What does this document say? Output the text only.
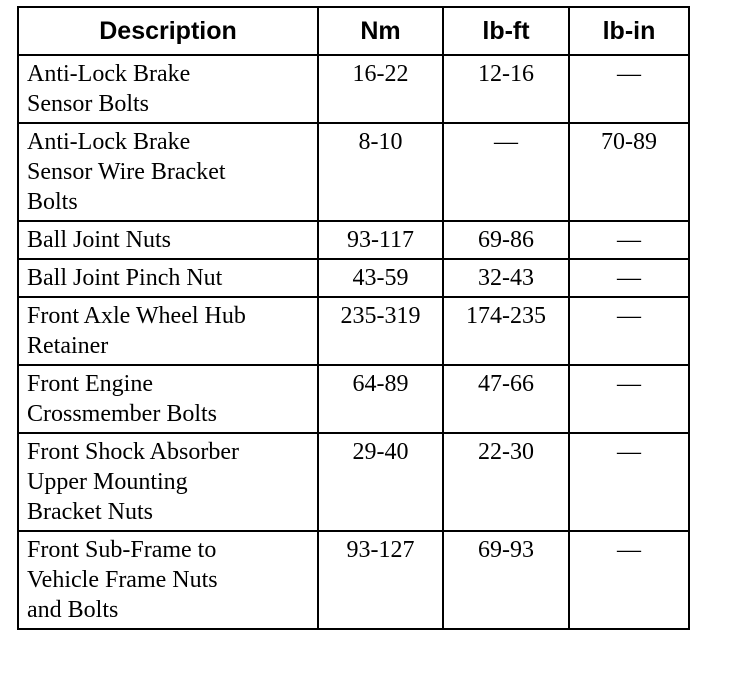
Description	Nm	lb-ft	lb-in
Anti-Lock Brake
Sensor Bolts	16-22	12-16	—
Anti-Lock Brake
Sensor Wire Bracket
Bolts	8-10	—	70-89
Ball Joint Nuts	93-117	69-86	—
Ball Joint Pinch Nut	43-59	32-43	—
Front Axle Wheel Hub
Retainer	235-319	174-235	—
Front Engine
Crossmember Bolts	64-89	47-66	—
Front Shock Absorber
Upper Mounting
Bracket Nuts	29-40	22-30	—
Front Sub-Frame to
Vehicle Frame Nuts
and Bolts	93-127	69-93	—
